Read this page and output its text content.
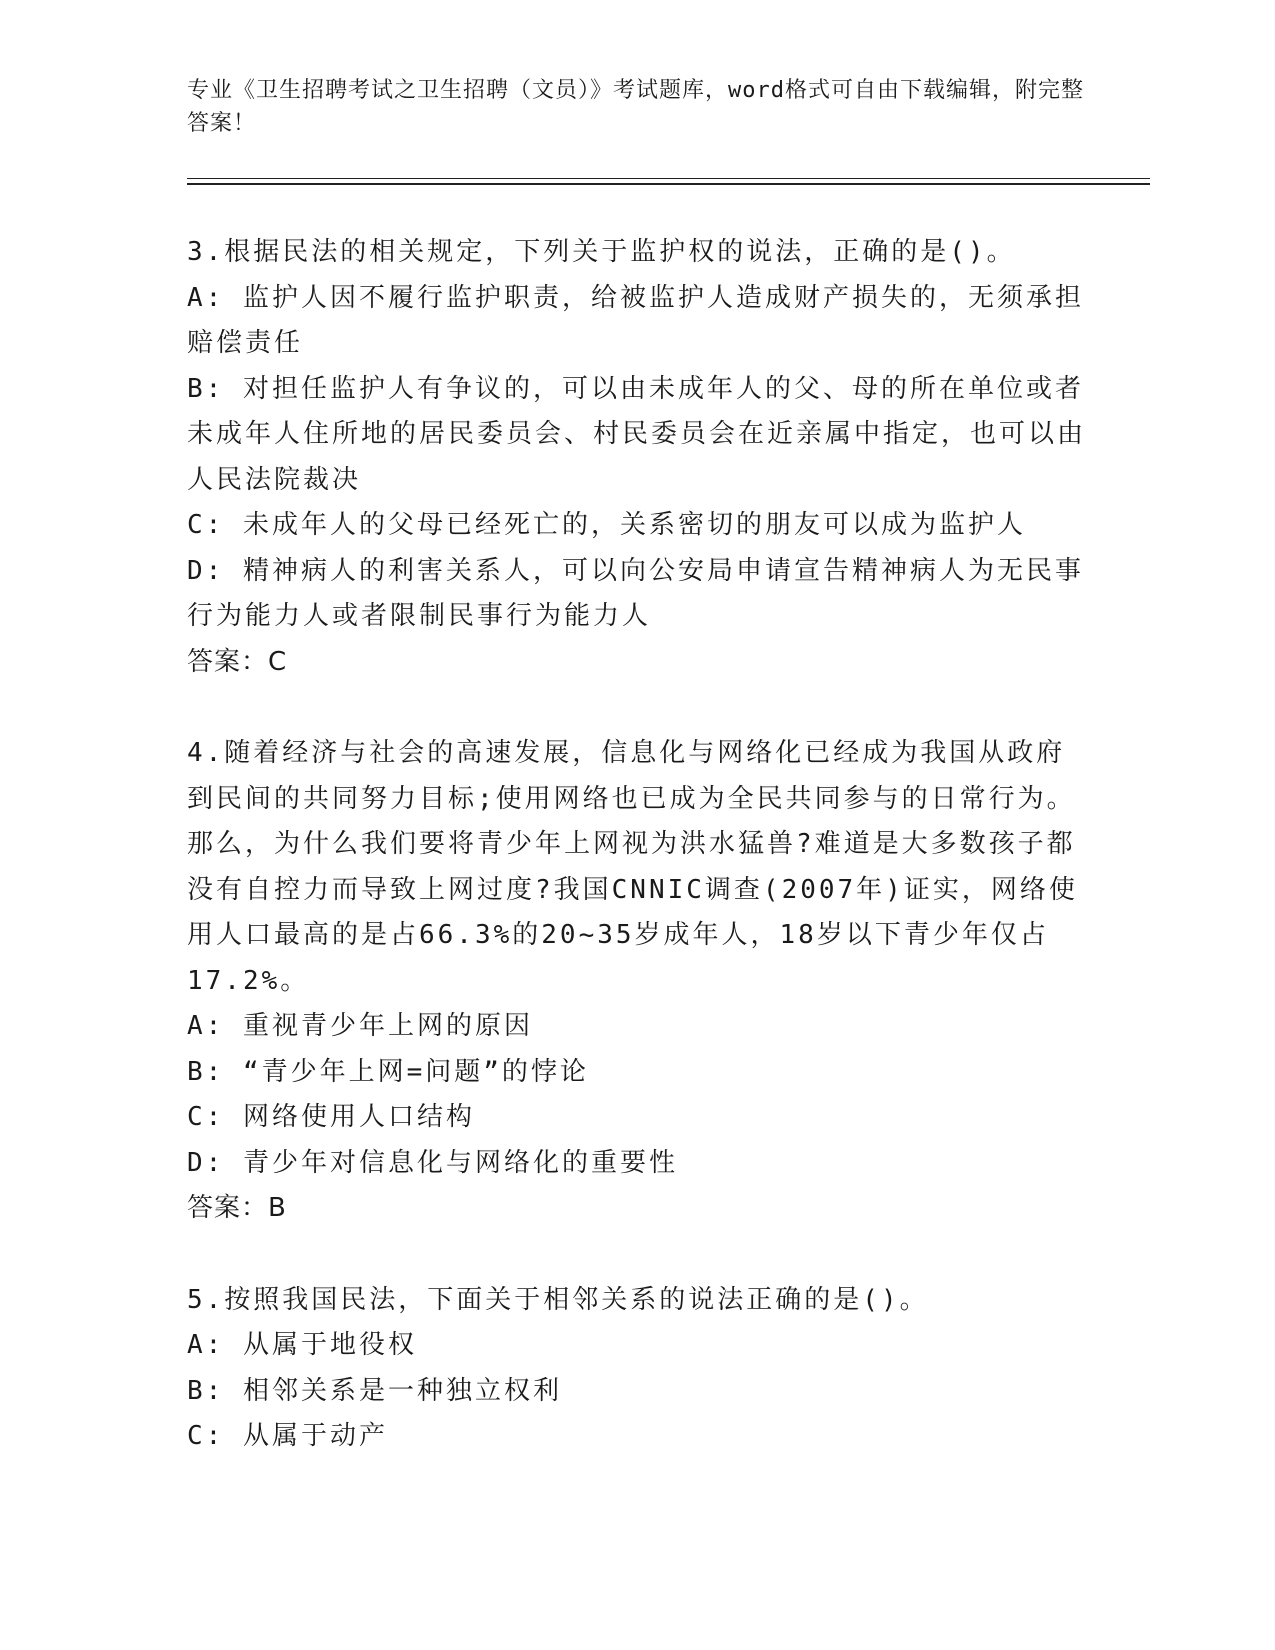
专业《卫生招聘考试之卫生招聘（文员）》考试题库，word格式可自由下载编辑，附完整答案！

3.根据民法的相关规定，下列关于监护权的说法，正确的是()。

A: 监护人因不履行监护职责，给被监护人造成财产损失的，无须承担赔偿责任

B: 对担任监护人有争议的，可以由未成年人的父、母的所在单位或者未成年人住所地的居民委员会、村民委员会在近亲属中指定，也可以由人民法院裁决

C: 未成年人的父母已经死亡的，关系密切的朋友可以成为监护人

D: 精神病人的利害关系人，可以向公安局申请宣告精神病人为无民事行为能力人或者限制民事行为能力人

答案：C

4.随着经济与社会的高速发展，信息化与网络化已经成为我国从政府到民间的共同努力目标;使用网络也已成为全民共同参与的日常行为。那么，为什么我们要将青少年上网视为洪水猛兽?难道是大多数孩子都没有自控力而导致上网过度?我国CNNIC调查(2007年)证实，网络使用人口最高的是占66.3%的20~35岁成年人，18岁以下青少年仅占17.2%。

A: 重视青少年上网的原因

B: “青少年上网=问题”的悖论

C: 网络使用人口结构

D: 青少年对信息化与网络化的重要性

答案：B

5.按照我国民法，下面关于相邻关系的说法正确的是()。

A: 从属于地役权

B: 相邻关系是一种独立权利

C: 从属于动产
